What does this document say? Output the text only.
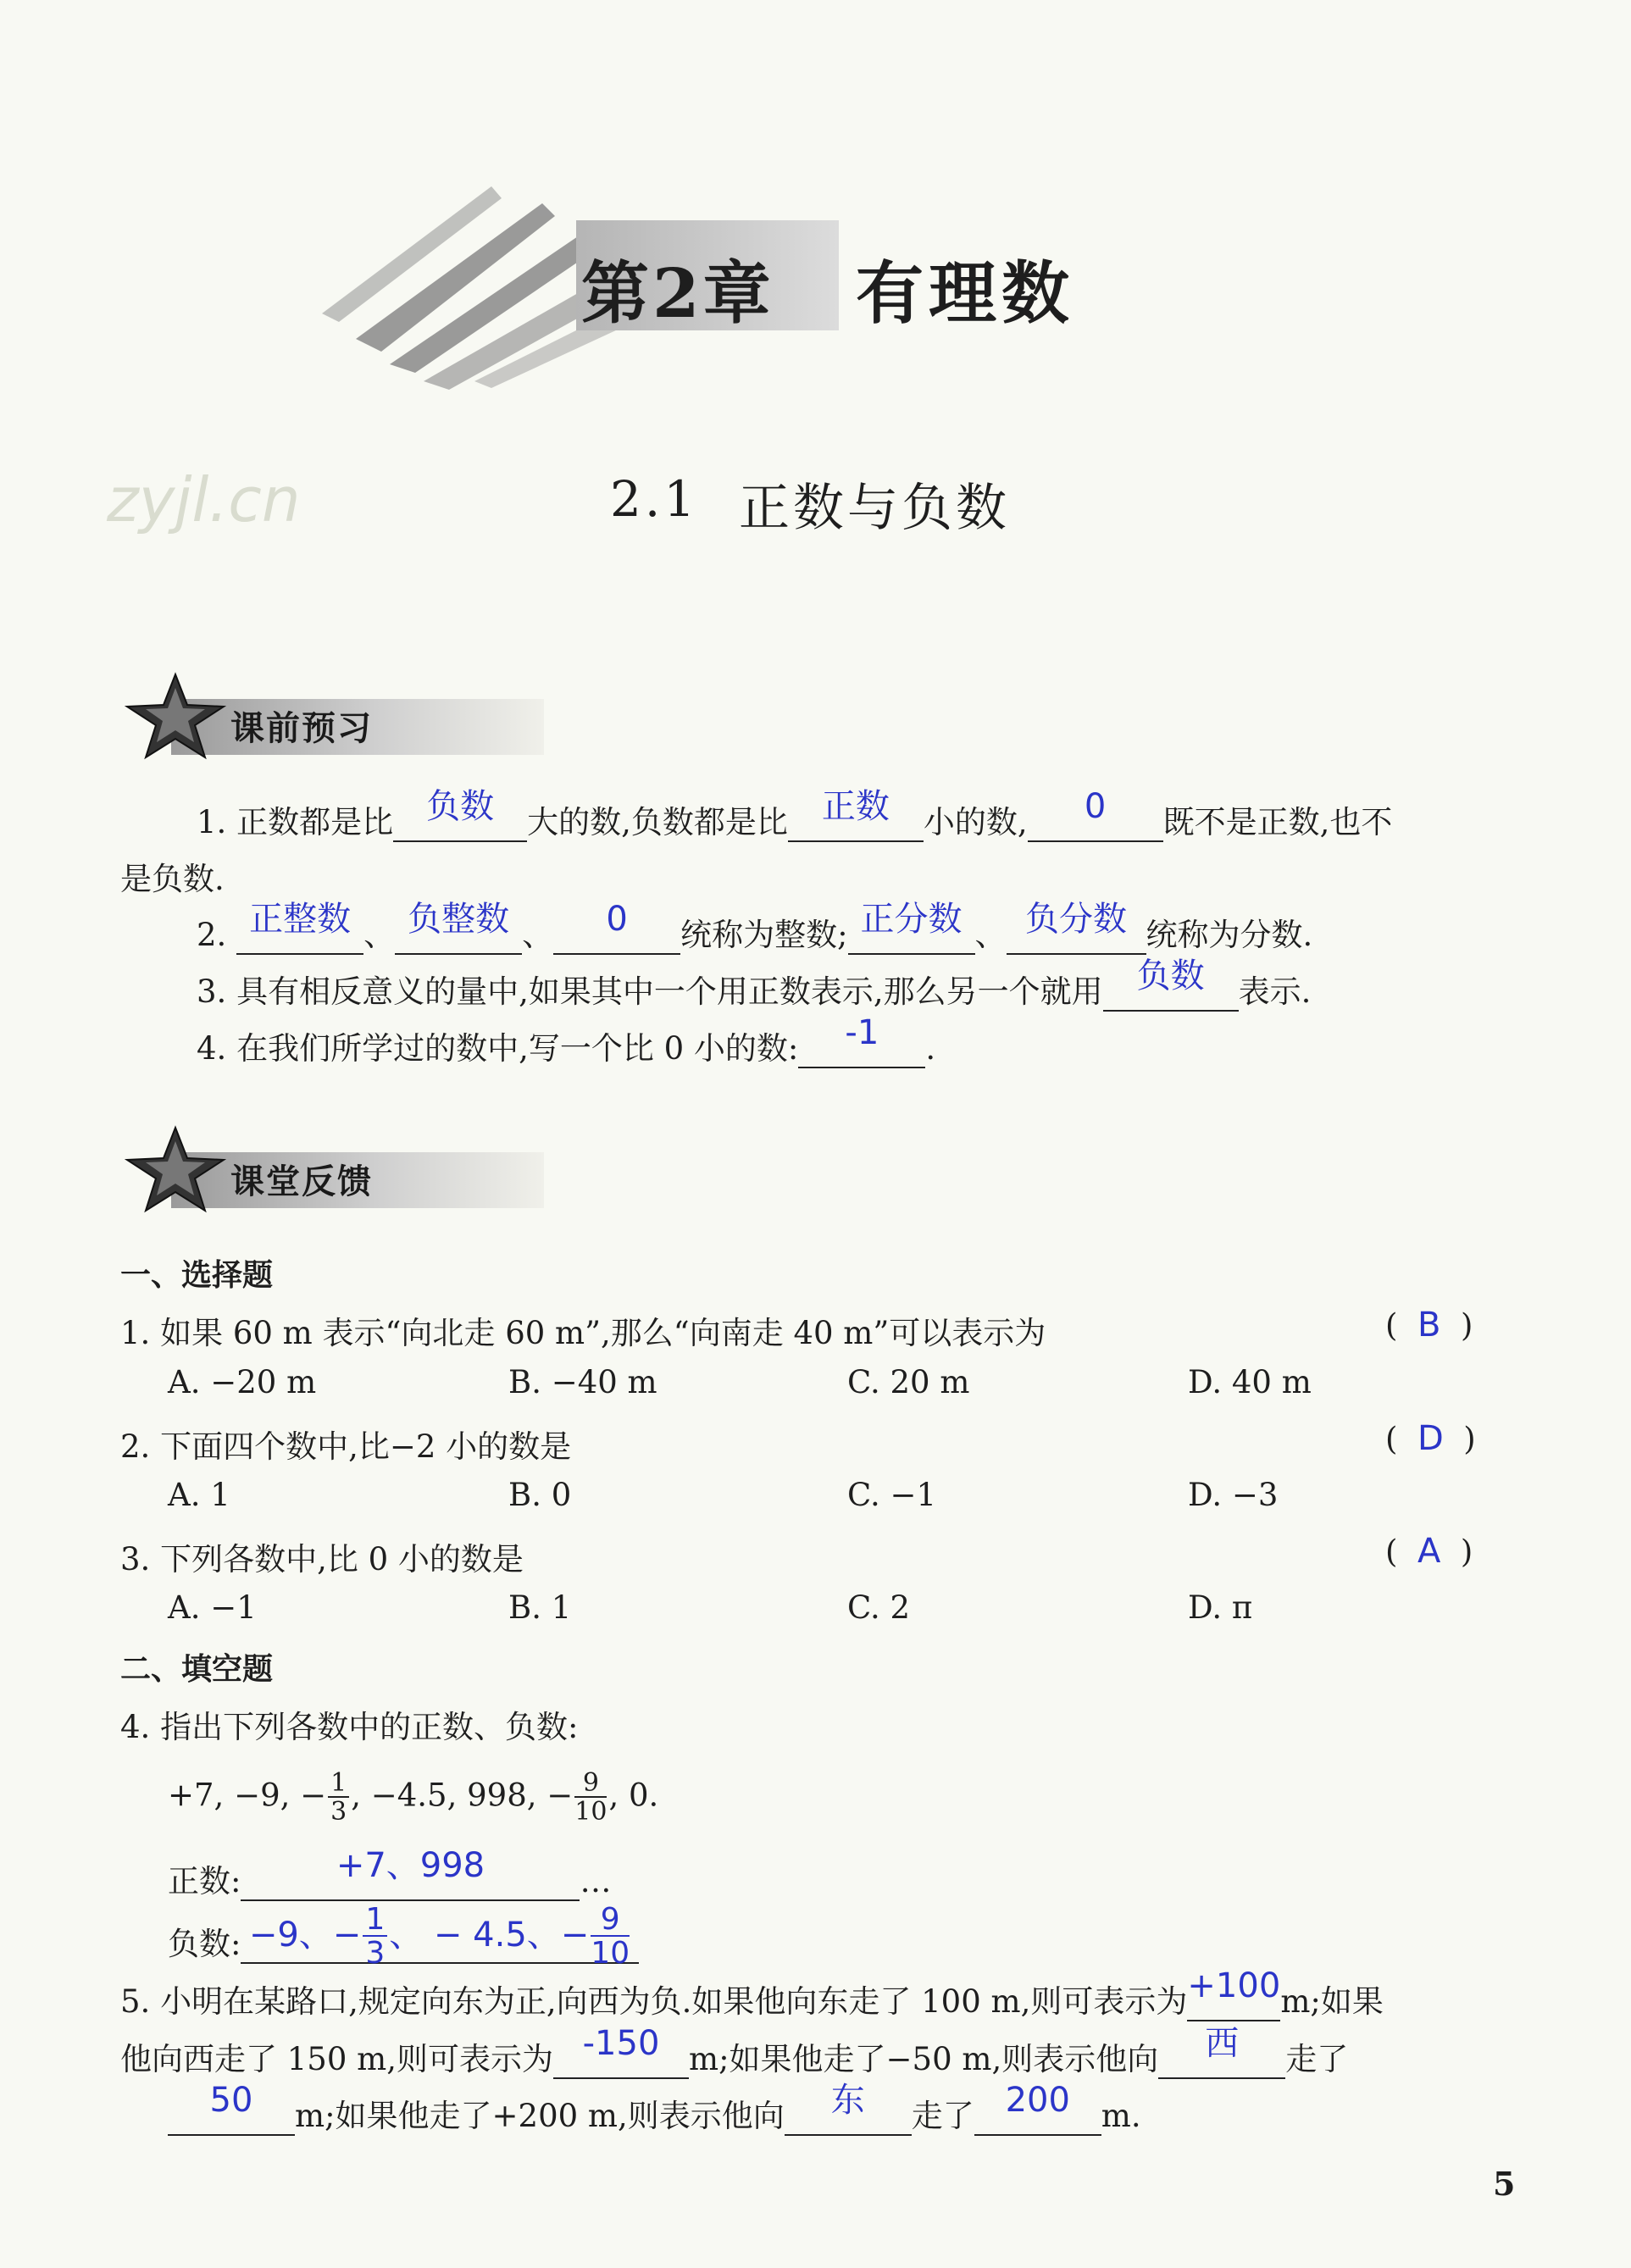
第2章 有理数
zyjl.cn	2.1 正数与负数
课前预习
1. 正数都是比 负数 大的数,负数都是比 正数 小的数, 0 既不是正数,也不
是负数.
2. 正整数 、 负整数 、 0 统称为整数; 正分数 、 负分数 统称为分数.
3. 具有相反意义的量中,如果其中一个用正数表示,那么另一个就用 负数 表示.
4. 在我们所学过的数中,写一个比 0 小的数: -1 .
课堂反馈
一、选择题
1. 如果 60 m 表示“向北走 60 m”,那么“向南走 40 m”可以表示为	(  B  )
A. −20 m	B. −40 m	C. 20 m	D. 40 m
2. 下面四个数中,比−2 小的数是	(  D  )
A. 1	B. 0	C. −1	D. −3
3. 下列各数中,比 0 小的数是	(  A  )
A. −1	B. 1	C. 2	D. π
二、填空题
4. 指出下列各数中的正数、负数:
+7, −9, − $\frac{1}{3}$ , −4.5, 998, − $\frac{9}{10}$ , 0.
正数:	+7、998	…
负数: −9、− $\frac{1}{3}$ 、 − 4.5、− $\frac{9}{10}$
5. 小明在某路口,规定向东为正,向西为负.如果他向东走了 100 m,则可表示为+100m;如果
他向西走了 150 m,则可表示为 -150 m;如果他走了−50 m,则表示他向 西 走了
50 m;如果他走了+200 m,则表示他向 东 走了 200 m.
5
